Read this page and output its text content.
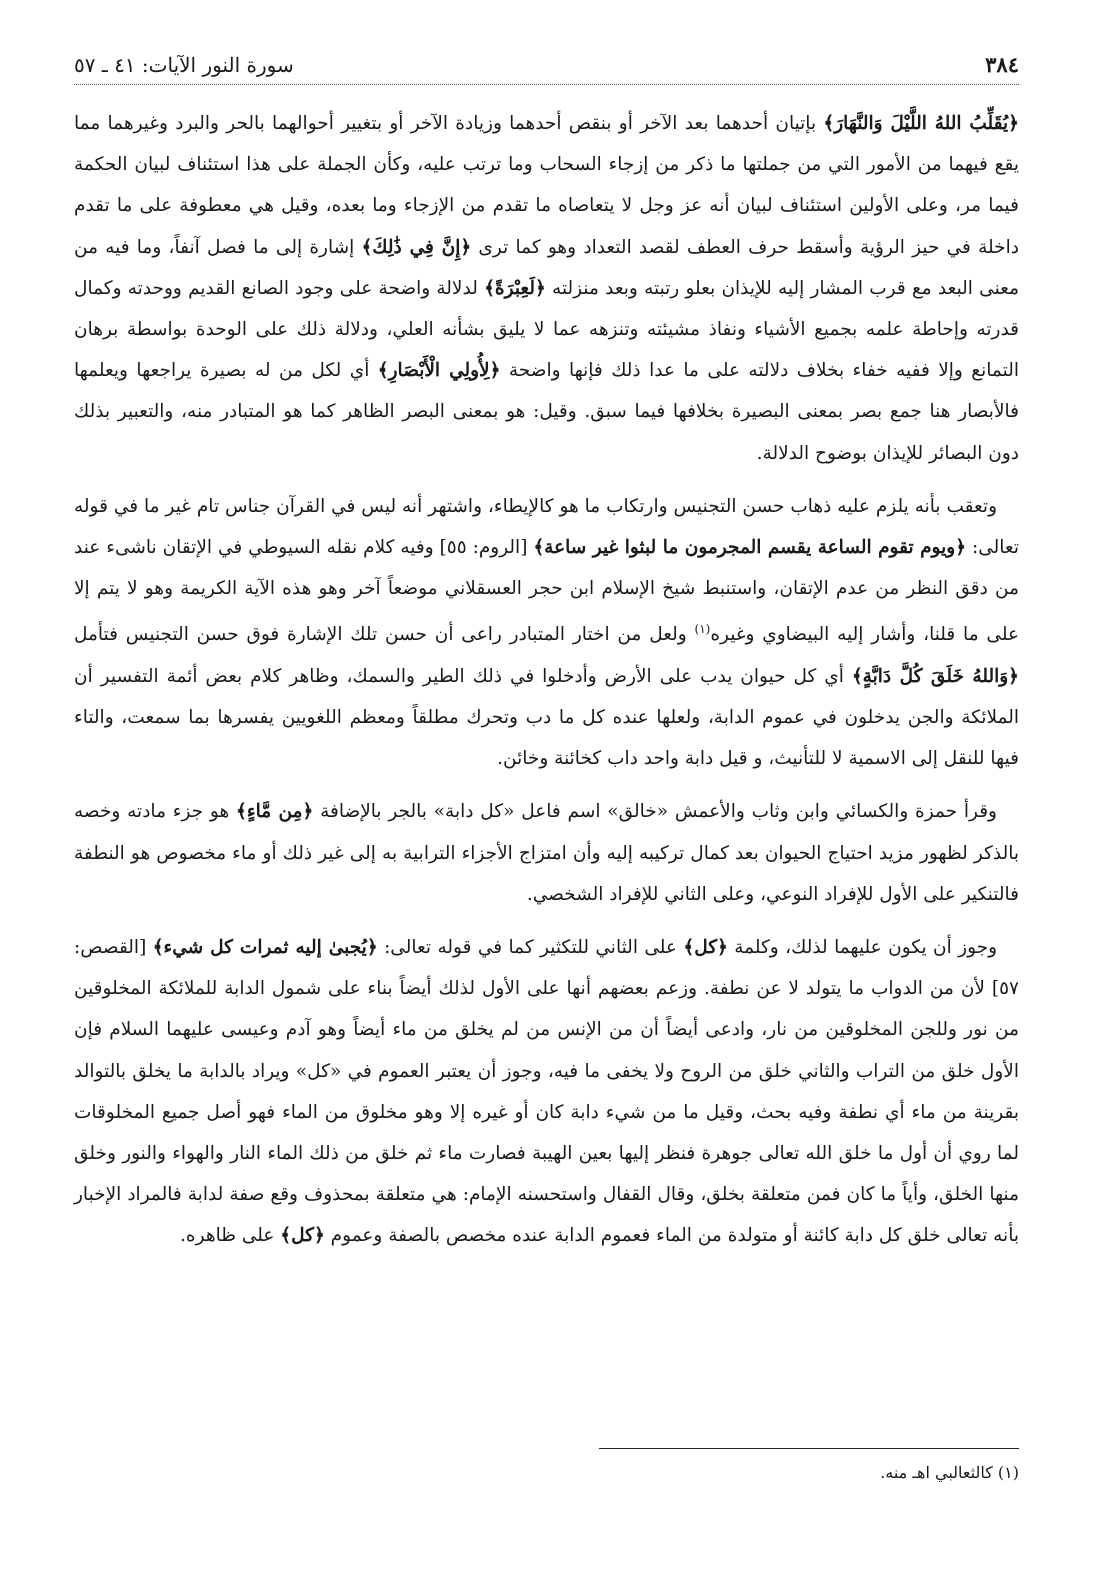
٣٨٤
سورة النور الآيات: ٤١ ـ ٥٧

﴿يُقَلِّبُ اللهُ اللَّيْلَ وَالنَّهَارَ﴾ بإتيان أحدهما بعد الآخر أو بنقص أحدهما وزيادة الآخر أو بتغيير أحوالهما بالحر والبرد وغيرهما مما يقع فيهما من الأمور التي من جملتها ما ذكر من إزجاء السحاب وما ترتب عليه، وكأن الجملة على هذا استئناف لبيان الحكمة فيما مر، وعلى الأولين استئناف لبيان أنه عز وجل لا يتعاصاه ما تقدم من الإزجاء وما بعده، وقيل هي معطوفة على ما تقدم داخلة في حيز الرؤية وأسقط حرف العطف لقصد التعداد وهو كما ترى ﴿إِنَّ فِي ذَٰلِكَ﴾ إشارة إلى ما فصل آنفاً، وما فيه من معنى البعد مع قرب المشار إليه للإيذان بعلو رتبته وبعد منزلته ﴿لَعِبْرَةً﴾ لدلالة واضحة على وجود الصانع القديم ووحدته وكمال قدرته وإحاطة علمه بجميع الأشياء ونفاذ مشيئته وتنزهه عما لا يليق بشأنه العلي، ودلالة ذلك على الوحدة بواسطة برهان التمانع وإلا ففيه خفاء بخلاف دلالته على ما عدا ذلك فإنها واضحة ﴿لِأُولِي الْأَبْصَارِ﴾ أي لكل من له بصيرة يراجعها ويعلمها فالأبصار هنا جمع بصر بمعنى البصيرة بخلافها فيما سبق. وقيل: هو بمعنى البصر الظاهر كما هو المتبادر منه، والتعبير بذلك دون البصائر للإيذان بوضوح الدلالة.

وتعقب بأنه يلزم عليه ذهاب حسن التجنيس وارتكاب ما هو كالإيطاء، واشتهر أنه ليس في القرآن جناس تام غير ما في قوله تعالى: ﴿ويوم تقوم الساعة يقسم المجرمون ما لبثوا غير ساعة﴾ [الروم: ٥٥] وفيه كلام نقله السيوطي في الإتقان ناشىء عند من دقق النظر من عدم الإتقان، واستنبط شيخ الإسلام ابن حجر العسقلاني موضعاً آخر وهو هذه الآية الكريمة وهو لا يتم إلا على ما قلنا، وأشار إليه البيضاوي وغيره$^{(١)}$ ولعل من اختار المتبادر راعى أن حسن تلك الإشارة فوق حسن التجنيس فتأمل ﴿وَاللهُ خَلَقَ كُلَّ دَابَّةٍ﴾ أي كل حيوان يدب على الأرض وأدخلوا في ذلك الطير والسمك، وظاهر كلام بعض أئمة التفسير أن الملائكة والجن يدخلون في عموم الدابة، ولعلها عنده كل ما دب وتحرك مطلقاً ومعظم اللغويين يفسرها بما سمعت، والتاء فيها للنقل إلى الاسمية لا للتأنيث، و قيل دابة واحد داب كخائنة وخائن.

وقرأ حمزة والكسائي وابن وثاب والأعمش «خالق» اسم فاعل «كل دابة» بالجر بالإضافة ﴿مِن مَّاءٍ﴾ هو جزء مادته وخصه بالذكر لظهور مزيد احتياج الحيوان بعد كمال تركيبه إليه وأن امتزاج الأجزاء الترابية به إلى غير ذلك أو ماء مخصوص هو النطفة فالتنكير على الأول للإفراد النوعي، وعلى الثاني للإفراد الشخصي.

وجوز أن يكون عليهما لذلك، وكلمة ﴿كل﴾ على الثاني للتكثير كما في قوله تعالى: ﴿يُجبىٰ إليه ثمرات كل شيء﴾ [القصص: ٥٧] لأن من الدواب ما يتولد لا عن نطفة. وزعم بعضهم أنها على الأول لذلك أيضاً بناء على شمول الدابة للملائكة المخلوقين من نور وللجن المخلوقين من نار، وادعى أيضاً أن من الإنس من لم يخلق من ماء أيضاً وهو آدم وعيسى عليهما السلام فإن الأول خلق من التراب والثاني خلق من الروح ولا يخفى ما فيه، وجوز أن يعتبر العموم في «كل» ويراد بالدابة ما يخلق بالتوالد بقرينة من ماء أي نطفة وفيه بحث، وقيل ما من شيء دابة كان أو غيره إلا وهو مخلوق من الماء فهو أصل جميع المخلوقات لما روي أن أول ما خلق الله تعالى جوهرة فنظر إليها بعين الهيبة فصارت ماء ثم خلق من ذلك الماء النار والهواء والنور وخلق منها الخلق، وأياً ما كان فمن متعلقة بخلق، وقال القفال واستحسنه الإمام: هي متعلقة بمحذوف وقع صفة لدابة فالمراد الإخبار بأنه تعالى خلق كل دابة كائنة أو متولدة من الماء فعموم الدابة عنده مخصص بالصفة وعموم ﴿كل﴾ على ظاهره.

(١) كالثعالبي اهـ منه.
